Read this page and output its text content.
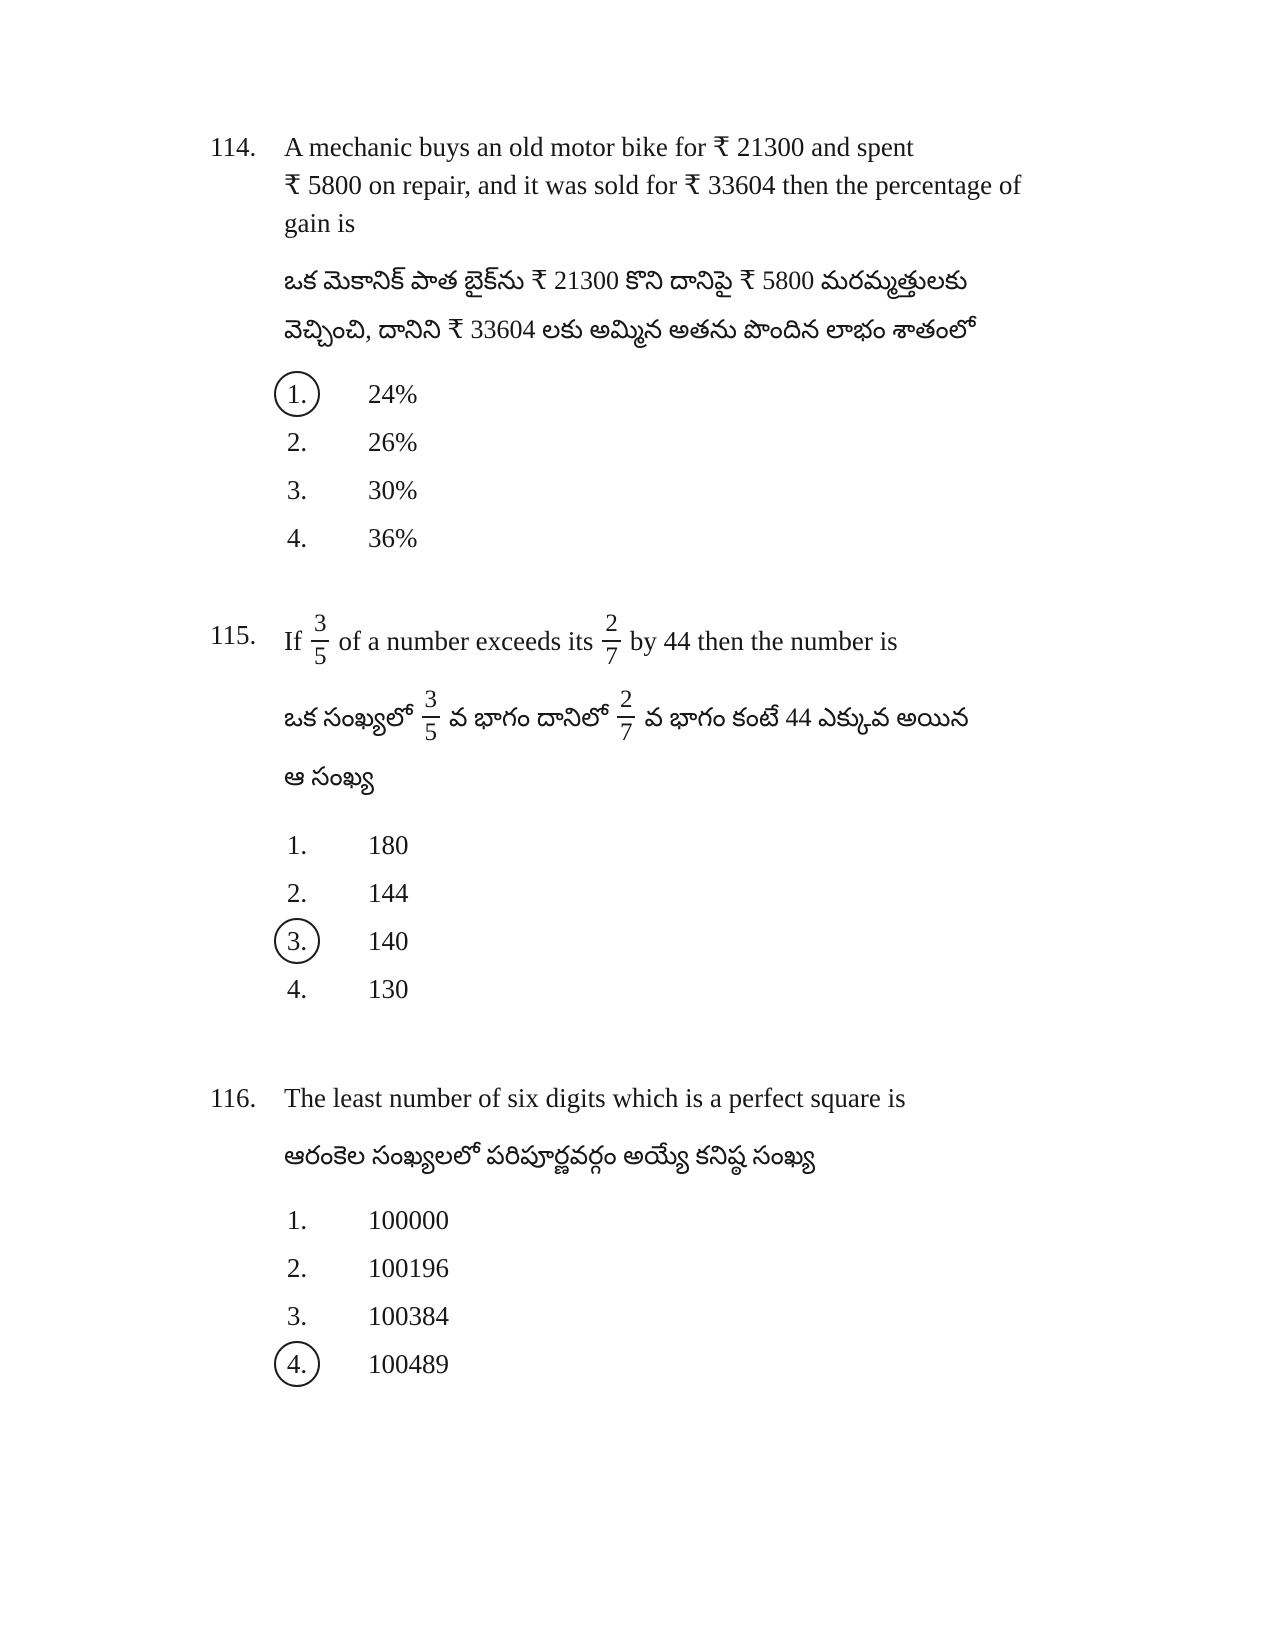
114.	A mechanic buys an old motor bike for ₹ 21300 and spent

₹ 5800 on repair, and it was sold for ₹ 33604 then the percentage of

gain is

ఒక మెకానిక్ పాత బైక్‌ను ₹ 21300 కొని దానిపై ₹ 5800 మరమ్మత్తులకు

వెచ్చించి, దానిని ₹ 33604 లకు అమ్మిన అతను పొందిన లాభం శాతంలో

1.	24%
2.	26%
3.	30%
4.	36%
115.	If $\frac{3}{5}$ of a number exceeds its $\frac{2}{7}$ by 44 then the number is
ఒక సంఖ్యలో $\frac{3}{5}$ వ భాగం దానిలో $\frac{2}{7}$ వ భాగం కంటే 44 ఎక్కువ అయిన

ఆ సంఖ్య

1.	180
2.	144
3.	140
4.	130
116.	The least number of six digits which is a perfect square is

ఆరంకెల సంఖ్యలలో పరిపూర్ణవర్గం అయ్యే కనిష్ఠ సంఖ్య

1.	100000
2.	100196
3.	100384
4.	100489
